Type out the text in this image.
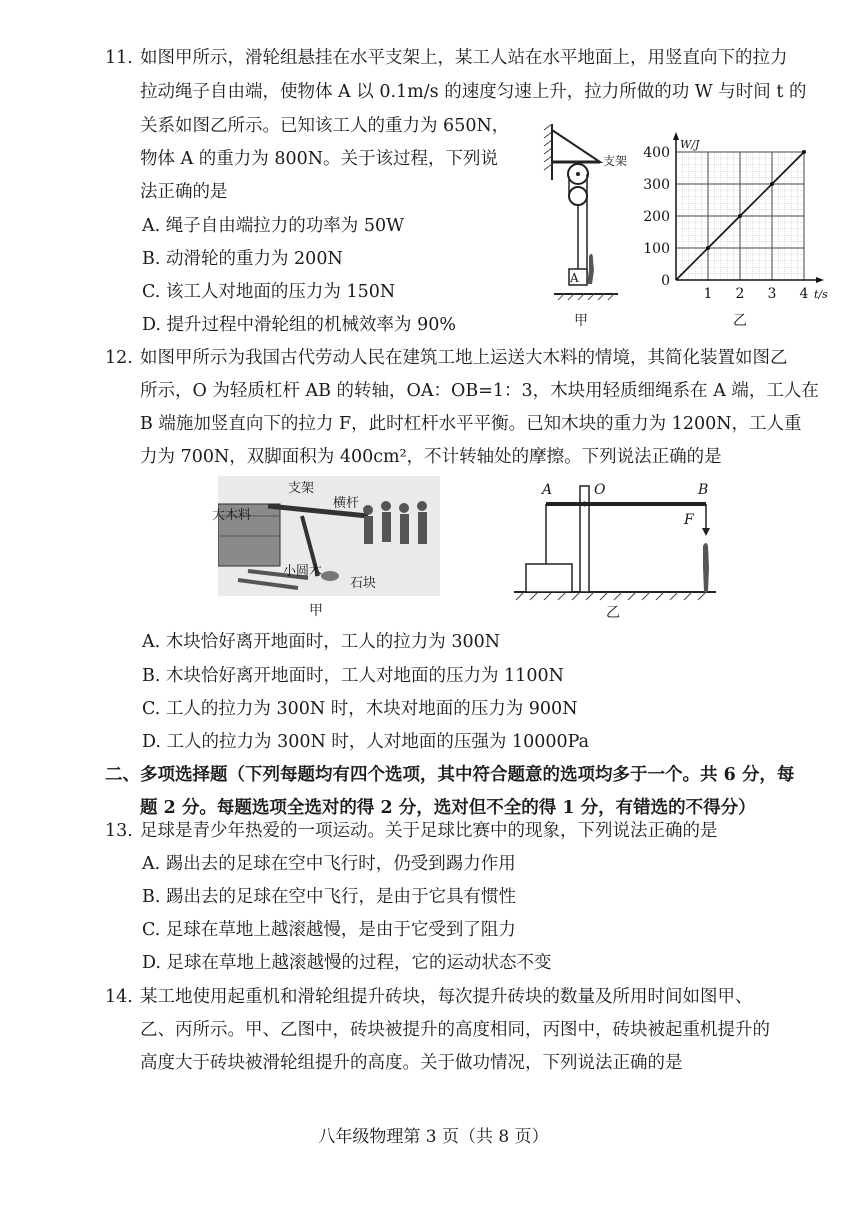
11. 如图甲所示，滑轮组悬挂在水平支架上，某工人站在水平地面上，用竖直向下的拉力
拉动绳子自由端，使物体 A 以 0.1m/s 的速度匀速上升，拉力所做的功 W 与时间 t 的
关系如图乙所示。已知该工人的重力为 650N，
物体 A 的重力为 800N。关于该过程，下列说
法正确的是
A. 绳子自由端拉力的功率为 50W
B. 动滑轮的重力为 200N
C. 该工人对地面的压力为 150N
D. 提升过程中滑轮组的机械效率为 90%
支架
A
甲
1 2 3 4
0
100
200
300
400
W/J
t/s
乙
12. 如图甲所示为我国古代劳动人民在建筑工地上运送大木料的情境，其简化装置如图乙
所示，O 为轻质杠杆 AB 的转轴，OA：OB=1：3，木块用轻质细绳系在 A 端，工人在
B 端施加竖直向下的拉力 F，此时杠杆水平平衡。已知木块的重力为 1200N，工人重
力为 700N，双脚面积为 400cm²，不计转轴处的摩擦。下列说法正确的是
大木料
支架
横杆
小圆木
石块
甲
A	O	B
F
乙
A. 木块恰好离开地面时，工人的拉力为 300N
B. 木块恰好离开地面时，工人对地面的压力为 1100N
C. 工人的拉力为 300N 时，木块对地面的压力为 900N
D. 工人的拉力为 300N 时，人对地面的压强为 10000Pa
二、多项选择题（下列每题均有四个选项，其中符合题意的选项均多于一个。共 6 分，每
题 2 分。每题选项全选对的得 2 分，选对但不全的得 1 分，有错选的不得分）
13. 足球是青少年热爱的一项运动。关于足球比赛中的现象，下列说法正确的是
A. 踢出去的足球在空中飞行时，仍受到踢力作用
B. 踢出去的足球在空中飞行，是由于它具有惯性
C. 足球在草地上越滚越慢，是由于它受到了阻力
D. 足球在草地上越滚越慢的过程，它的运动状态不变
14. 某工地使用起重机和滑轮组提升砖块，每次提升砖块的数量及所用时间如图甲、
乙、丙所示。甲、乙图中，砖块被提升的高度相同，丙图中，砖块被起重机提升的
高度大于砖块被滑轮组提升的高度。关于做功情况，下列说法正确的是
八年级物理第 3 页（共 8 页）
